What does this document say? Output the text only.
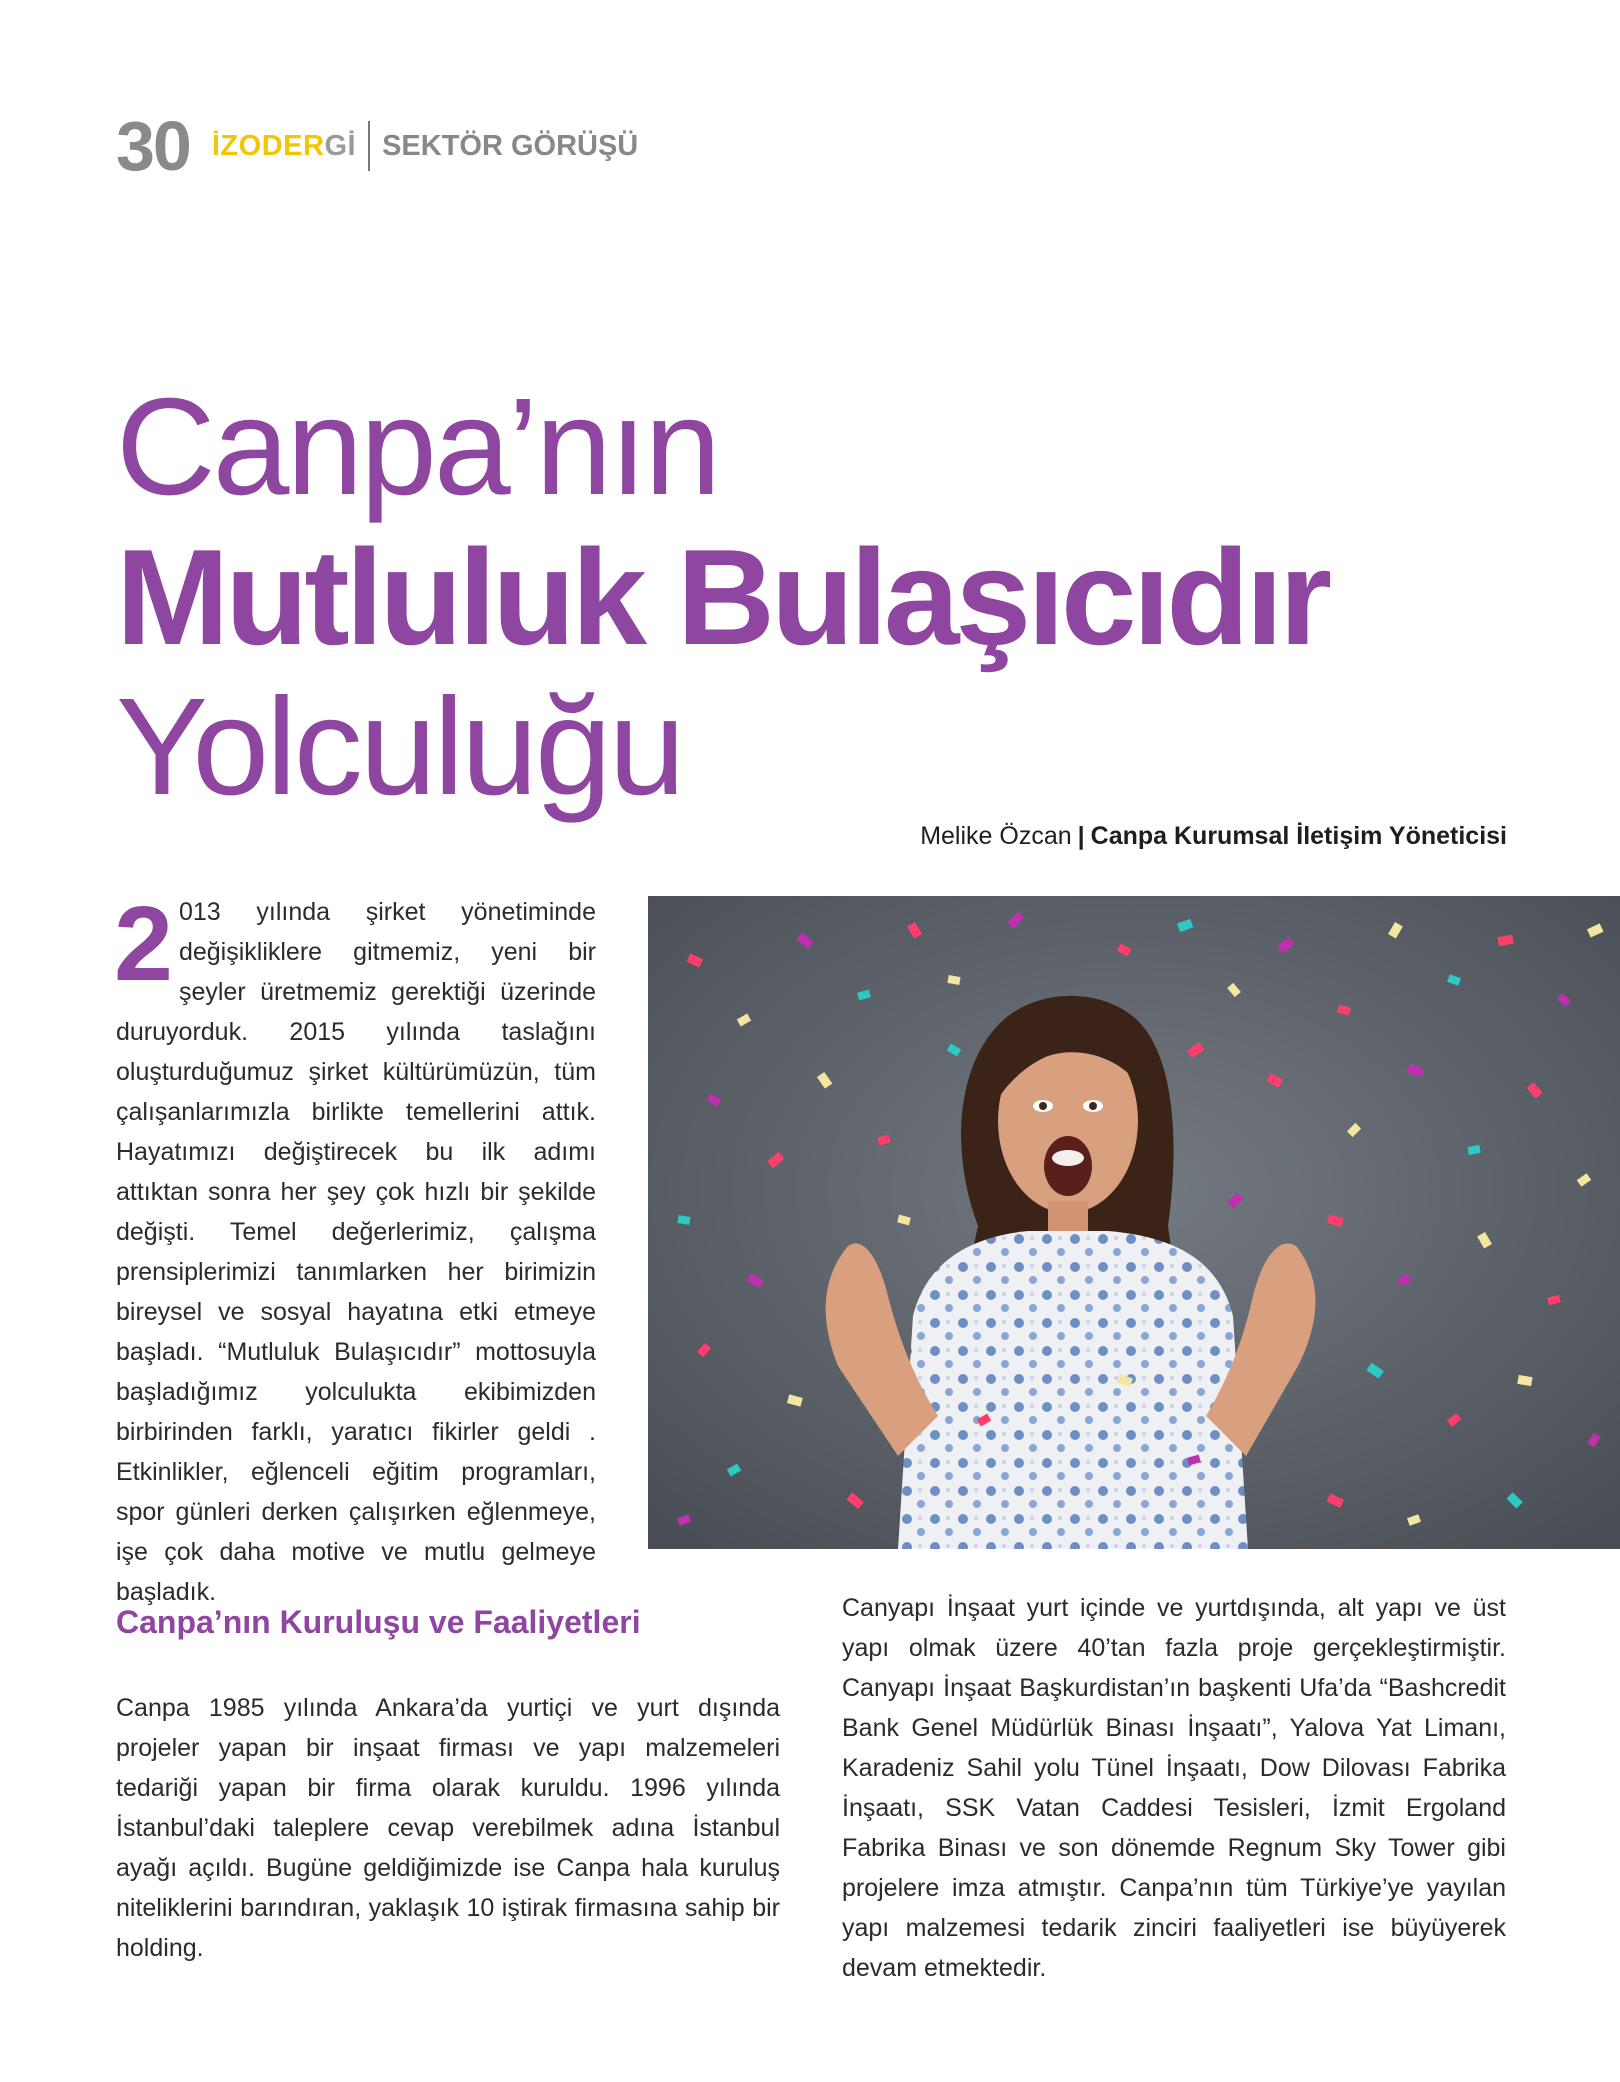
30 İZODERGİ SEKTÖR GÖRÜŞÜ
Canpa’nın
Mutluluk Bulaşıcıdır
Yolculuğu
Melike Özcan | Canpa Kurumsal İletişim Yöneticisi
2 013 yılında şirket yönetiminde değişikliklere gitmemiz, yeni bir şeyler üretmemiz gerektiği üzerinde duruyorduk. 2015 yılında taslağını oluşturduğumuz şirket kültürümüzün, tüm çalışanlarımızla birlikte temellerini attık. Hayatımızı değiştirecek bu ilk adımı attıktan sonra her şey çok hızlı bir şekilde değişti. Temel değerlerimiz, çalışma prensiplerimizi tanımlarken her birimizin bireysel ve sosyal hayatına etki etmeye başladı. “Mutluluk Bulaşıcıdır” mottosuyla başladığımız yolculukta ekibimizden birbirinden farklı, yaratıcı fikirler geldi . Etkinlikler, eğlenceli eğitim programları, spor günleri derken çalışırken eğlenmeye, işe çok daha motive ve mutlu gelmeye başladık.
Canpa’nın Kuruluşu ve Faaliyetleri
Canpa 1985 yılında Ankara’da yurtiçi ve yurt dışında projeler yapan bir inşaat firması ve yapı malzemeleri tedariği yapan bir firma olarak kuruldu. 1996 yılında İstanbul’daki taleplere cevap verebilmek adına İstanbul ayağı açıldı. Bugüne geldiğimizde ise Canpa hala kuruluş niteliklerini barındıran, yaklaşık 10 iştirak firmasına sahip bir holding.
Canyapı İnşaat yurt içinde ve yurtdışında, alt yapı ve üst yapı olmak üzere 40’tan fazla proje gerçekleştirmiştir. Canyapı İnşaat Başkurdistan’ın başkenti Ufa’da “Bashcredit Bank Genel Müdürlük Binası İnşaatı”, Yalova Yat Limanı, Karadeniz Sahil yolu Tünel İnşaatı, Dow Dilovası Fabrika İnşaatı, SSK Vatan Caddesi Tesisleri, İzmit Ergoland Fabrika Binası ve son dönemde Regnum Sky Tower gibi projelere imza atmıştır. Canpa’nın tüm Türkiye’ye yayılan yapı malzemesi tedarik zinciri faaliyetleri ise büyüyerek devam etmektedir.
